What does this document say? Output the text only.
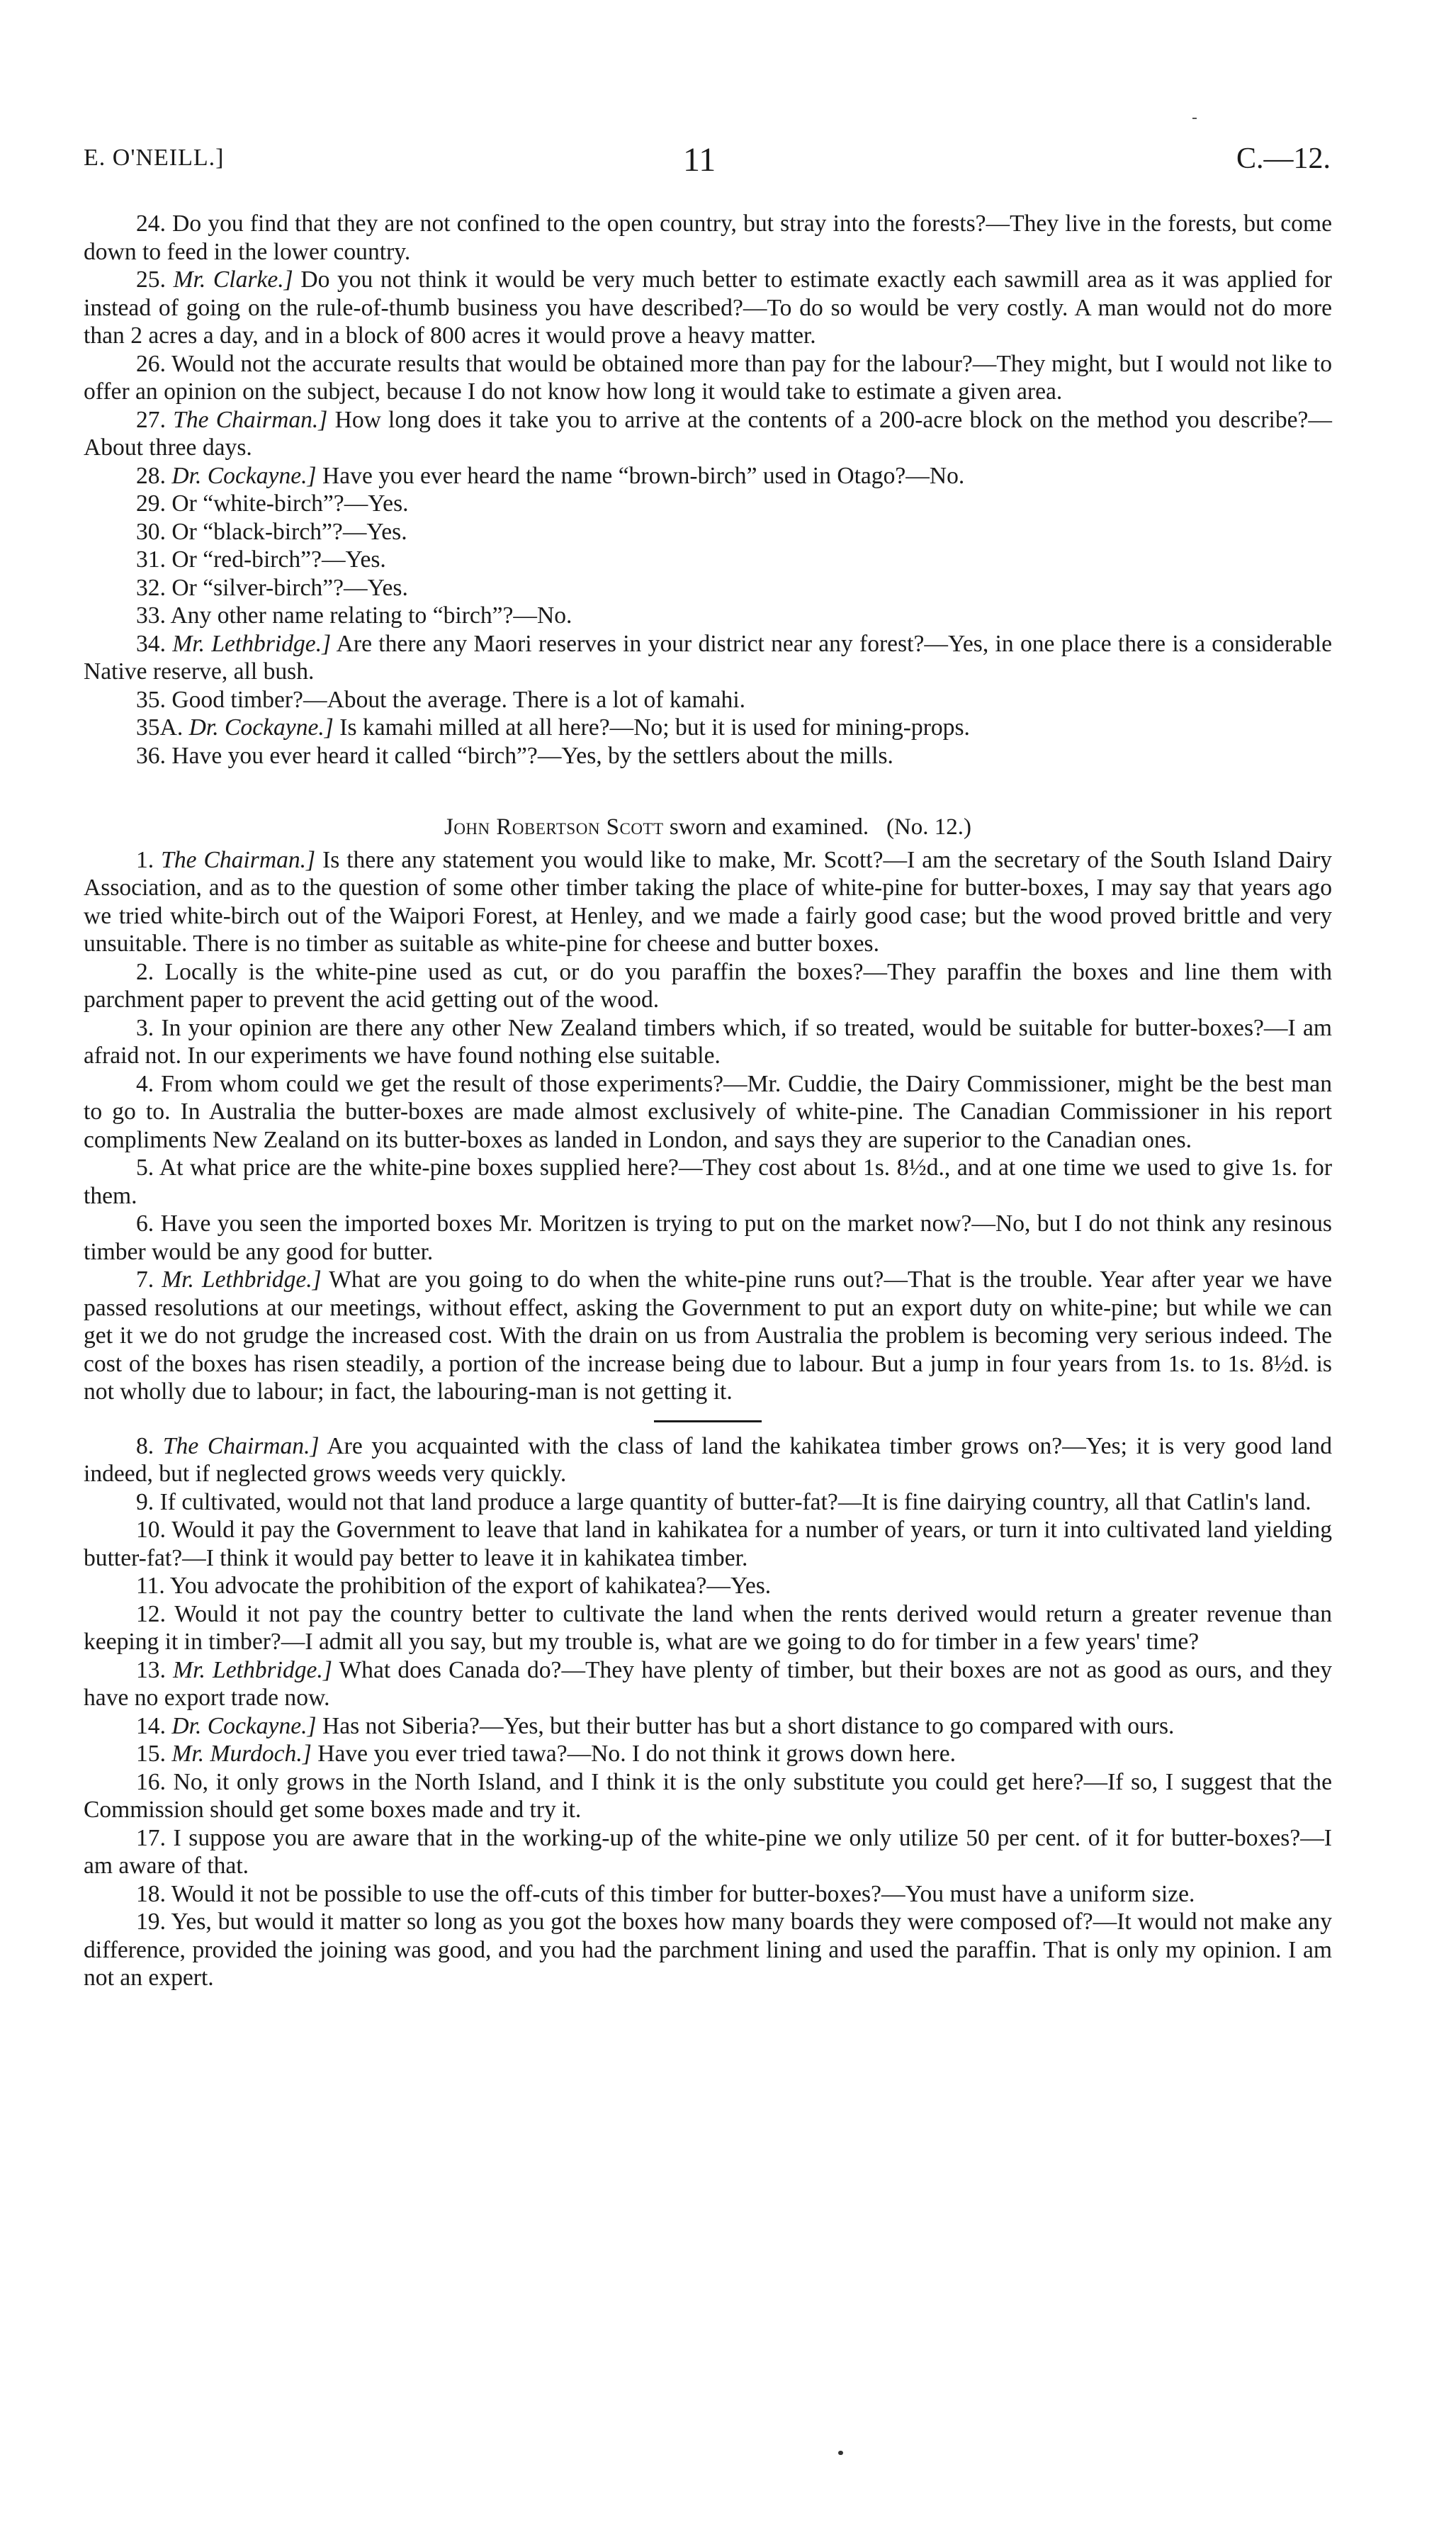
E. O'NEILL.]	11	C.—12.

24. Do you find that they are not confined to the open country, but stray into the forests?—They live in the forests, but come down to feed in the lower country.

25. Mr. Clarke.] Do you not think it would be very much better to estimate exactly each sawmill area as it was applied for instead of going on the rule-of-thumb business you have described?—To do so would be very costly. A man would not do more than 2 acres a day, and in a block of 800 acres it would prove a heavy matter.

26. Would not the accurate results that would be obtained more than pay for the labour?—They might, but I would not like to offer an opinion on the subject, because I do not know how long it would take to estimate a given area.

27. The Chairman.] How long does it take you to arrive at the contents of a 200-acre block on the method you describe?—About three days.

28. Dr. Cockayne.] Have you ever heard the name “brown-birch” used in Otago?—No.

29. Or “white-birch”?—Yes.

30. Or “black-birch”?—Yes.

31. Or “red-birch”?—Yes.

32. Or “silver-birch”?—Yes.

33. Any other name relating to “birch”?—No.

34. Mr. Lethbridge.] Are there any Maori reserves in your district near any forest?—Yes, in one place there is a considerable Native reserve, all bush.

35. Good timber?—About the average. There is a lot of kamahi.

35A. Dr. Cockayne.] Is kamahi milled at all here?—No; but it is used for mining-props.

36. Have you ever heard it called “birch”?—Yes, by the settlers about the mills.

John Robertson Scott sworn and examined. (No. 12.)

1. The Chairman.] Is there any statement you would like to make, Mr. Scott?—I am the secretary of the South Island Dairy Association, and as to the question of some other timber taking the place of white-pine for butter-boxes, I may say that years ago we tried white-birch out of the Waipori Forest, at Henley, and we made a fairly good case; but the wood proved brittle and very unsuitable. There is no timber as suitable as white-pine for cheese and butter boxes.

2. Locally is the white-pine used as cut, or do you paraffin the boxes?—They paraffin the boxes and line them with parchment paper to prevent the acid getting out of the wood.

3. In your opinion are there any other New Zealand timbers which, if so treated, would be suitable for butter-boxes?—I am afraid not. In our experiments we have found nothing else suitable.

4. From whom could we get the result of those experiments?—Mr. Cuddie, the Dairy Commissioner, might be the best man to go to. In Australia the butter-boxes are made almost exclusively of white-pine. The Canadian Commissioner in his report compliments New Zealand on its butter-boxes as landed in London, and says they are superior to the Canadian ones.

5. At what price are the white-pine boxes supplied here?—They cost about 1s. 8½d., and at one time we used to give 1s. for them.

6. Have you seen the imported boxes Mr. Moritzen is trying to put on the market now?—No, but I do not think any resinous timber would be any good for butter.

7. Mr. Lethbridge.] What are you going to do when the white-pine runs out?—That is the trouble. Year after year we have passed resolutions at our meetings, without effect, asking the Government to put an export duty on white-pine; but while we can get it we do not grudge the increased cost. With the drain on us from Australia the problem is becoming very serious indeed. The cost of the boxes has risen steadily, a portion of the increase being due to labour. But a jump in four years from 1s. to 1s. 8½d. is not wholly due to labour; in fact, the labouring-man is not getting it.

8. The Chairman.] Are you acquainted with the class of land the kahikatea timber grows on?—Yes; it is very good land indeed, but if neglected grows weeds very quickly.

9. If cultivated, would not that land produce a large quantity of butter-fat?—It is fine dairying country, all that Catlin's land.

10. Would it pay the Government to leave that land in kahikatea for a number of years, or turn it into cultivated land yielding butter-fat?—I think it would pay better to leave it in kahikatea timber.

11. You advocate the prohibition of the export of kahikatea?—Yes.

12. Would it not pay the country better to cultivate the land when the rents derived would return a greater revenue than keeping it in timber?—I admit all you say, but my trouble is, what are we going to do for timber in a few years' time?

13. Mr. Lethbridge.] What does Canada do?—They have plenty of timber, but their boxes are not as good as ours, and they have no export trade now.

14. Dr. Cockayne.] Has not Siberia?—Yes, but their butter has but a short distance to go compared with ours.

15. Mr. Murdoch.] Have you ever tried tawa?—No. I do not think it grows down here.

16. No, it only grows in the North Island, and I think it is the only substitute you could get here?—If so, I suggest that the Commission should get some boxes made and try it.

17. I suppose you are aware that in the working-up of the white-pine we only utilize 50 per cent. of it for butter-boxes?—I am aware of that.

18. Would it not be possible to use the off-cuts of this timber for butter-boxes?—You must have a uniform size.

19. Yes, but would it matter so long as you got the boxes how many boards they were composed of?—It would not make any difference, provided the joining was good, and you had the parchment lining and used the paraffin. That is only my opinion. I am not an expert.
